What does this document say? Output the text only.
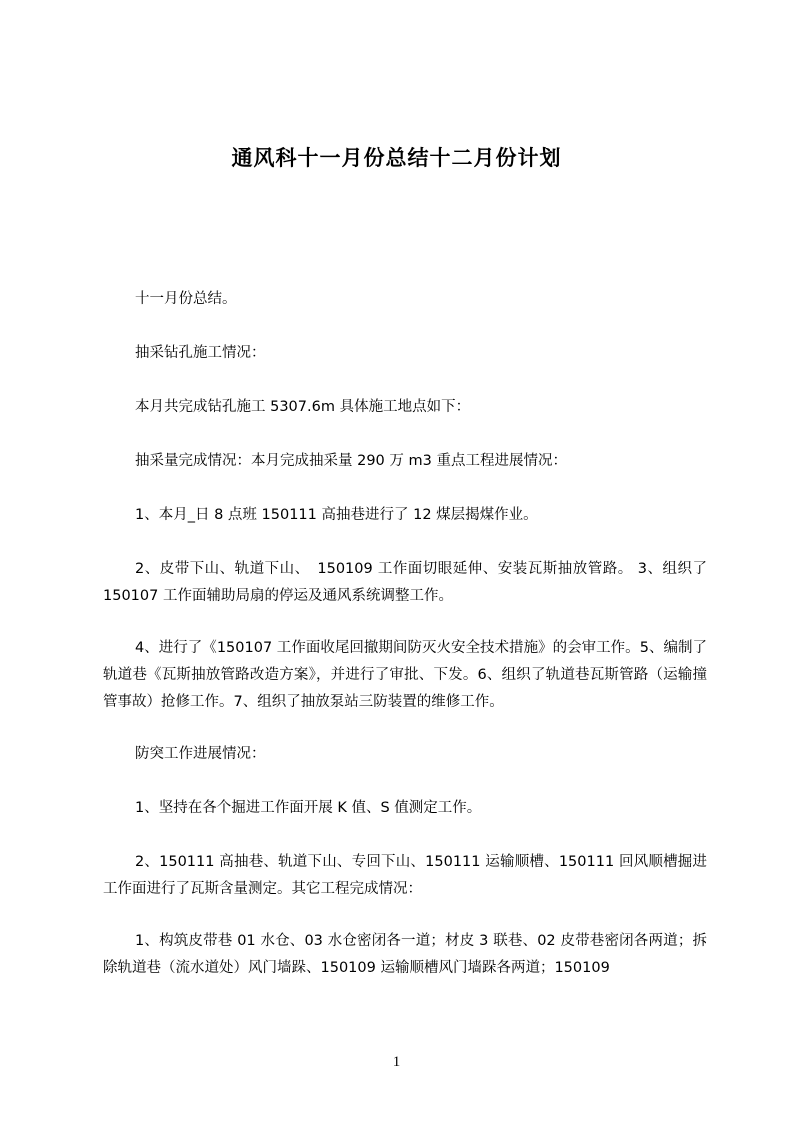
通风科十一月份总结十二月份计划

十一月份总结。

抽采钻孔施工情况：

本月共完成钻孔施工 5307.6m 具体施工地点如下：

抽采量完成情况：本月完成抽采量 290 万 m3 重点工程进展情况：

1、本月_日 8 点班 150111 高抽巷进行了 12 煤层揭煤作业。

2、皮带下山、轨道下山、　150109 工作面切眼延伸、安装瓦斯抽放管路。 3、组织了 150107 工作面辅助局扇的停运及通风系统调整工作。

4、进行了《150107 工作面收尾回撤期间防灭火安全技术措施》的会审工作。5、编制了轨道巷《瓦斯抽放管路改造方案》，并进行了审批、下发。6、组织了轨道巷瓦斯管路（运输撞管事故）抢修工作。7、组织了抽放泵站三防装置的维修工作。

防突工作进展情况：

1、坚持在各个掘进工作面开展 K 值、S 值测定工作。

2、150111 高抽巷、轨道下山、专回下山、150111 运输顺槽、150111 回风顺槽掘进工作面进行了瓦斯含量测定。其它工程完成情况：

1、构筑皮带巷 01 水仓、03 水仓密闭各一道；材皮 3 联巷、02 皮带巷密闭各两道；拆除轨道巷（流水道处）风门墙跺、150109 运输顺槽风门墙跺各两道；150109

1
